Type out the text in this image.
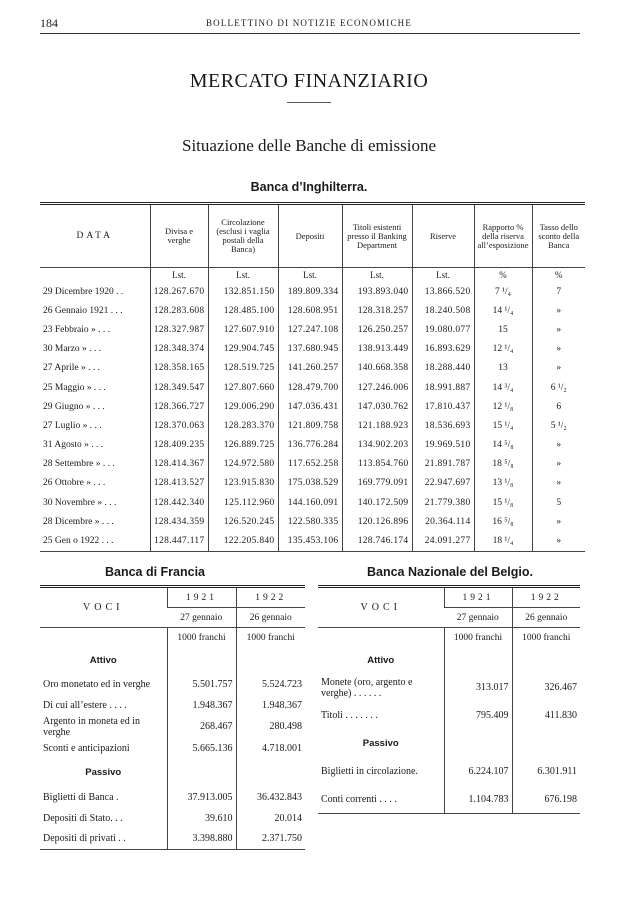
184	BOLLETTINO DI NOTIZIE ECONOMICHE
MERCATO FINANZIARIO
Situazione delle Banche di emissione
Banca d’Inghilterra.
DATA	Divisa e verghe	Circolazione (esclusi i vaglia postali della Banca)	Depositi	Titoli esistenti presso il Banking Department	Riserve	Rapporto % della riserva all’esposizione	Tasso dello sconto della Banca
	Lst.	Lst.	Lst.	Lst.	Lst.	%	%
29 Dicembre 1920 . .	128.267.670	132.851.150	189.809.334	193.893.040	13.866.520	7 ¹/₄	7
26 Gennaio 1921 . . .	128.283.608	128.485.100	128.608.951	128.318.257	18.240.508	14 ¹/₄	»
23 Febbraio » . . .	128.327.987	127.607.910	127.247.108	126.250.257	19.080.077	15	»
30 Marzo » . . .	128.348.374	129.904.745	137.680.945	138.913.449	16.893.629	12 ¹/₄	»
27 Aprile » . . .	128.358.165	128.519.725	141.260.257	140.668.358	18.288.440	13	»
25 Maggio » . . .	128.349.547	127.807.660	128.479.700	127.246.006	18.991.887	14 ³/₄	6 ¹/₂
29 Giugno » . . .	128.366.727	129.006.290	147.036.431	147.030.762	17.810.437	12 ¹/₈	6
27 Luglio » . . .	128.370.063	128.283.370	121.809.758	121.188.923	18.536.693	15 ¹/₄	5 ¹/₂
31 Agosto » . . .	128.409.235	126.889.725	136.776.284	134.902.203	19.969.510	14 ⁵/₈	»
28 Settembre » . . .	128.414.367	124.972.580	117.652.258	113.854.760	21.891.787	18 ⁵/₈	»
26 Ottobre » . . .	128.413.527	123.915.830	175.038.529	169.779.091	22.947.697	13 ¹/₈	»
30 Novembre » . . .	128.442.340	125.112.960	144.160.091	140.172.509	21.779.380	15 ¹/₈	5
28 Dicembre » . . .	128.434.359	126.520.245	122.580.335	120.126.896	20.364.114	16 ⁵/₈	»
25 Gen o 1922 . . .	128.447.117	122.205.840	135.453.106	128.746.174	24.091.277	18 ¹/₄	»
Banca di Francia	Banca Nazionale del Belgio.
VOCI	1921	1922
	27 gennaio	26 gennaio
	1000 franchi	1000 franchi
Attivo		
Oro monetato ed in verghe	5.501.757	5.524.723
Di cui all’estere . . . .	1.948.367	1.948.367
Argento in moneta ed in verghe	268.467	280.498
Sconti e anticipazioni	5.665.136	4.718.001
Passivo		
Biglietti di Banca .	37.913.005	36.432.843
Depositi di Stato. . .	39.610	20.014
Depositi di privati . .	3.398.880	2.371.750
VOCI	1921	1922
	27 gennaio	26 gennaio
	1000 franchi	1000 franchi
Attivo		
Monete (oro, argento e verghe) . . . . . .	313.017	326.467
Titoli . . . . . . .	795.409	411.830
Passivo		
Biglietti in circolazione.	6.224.107	6.301.911
Conti correnti . . . .	1.104.783	676.198
